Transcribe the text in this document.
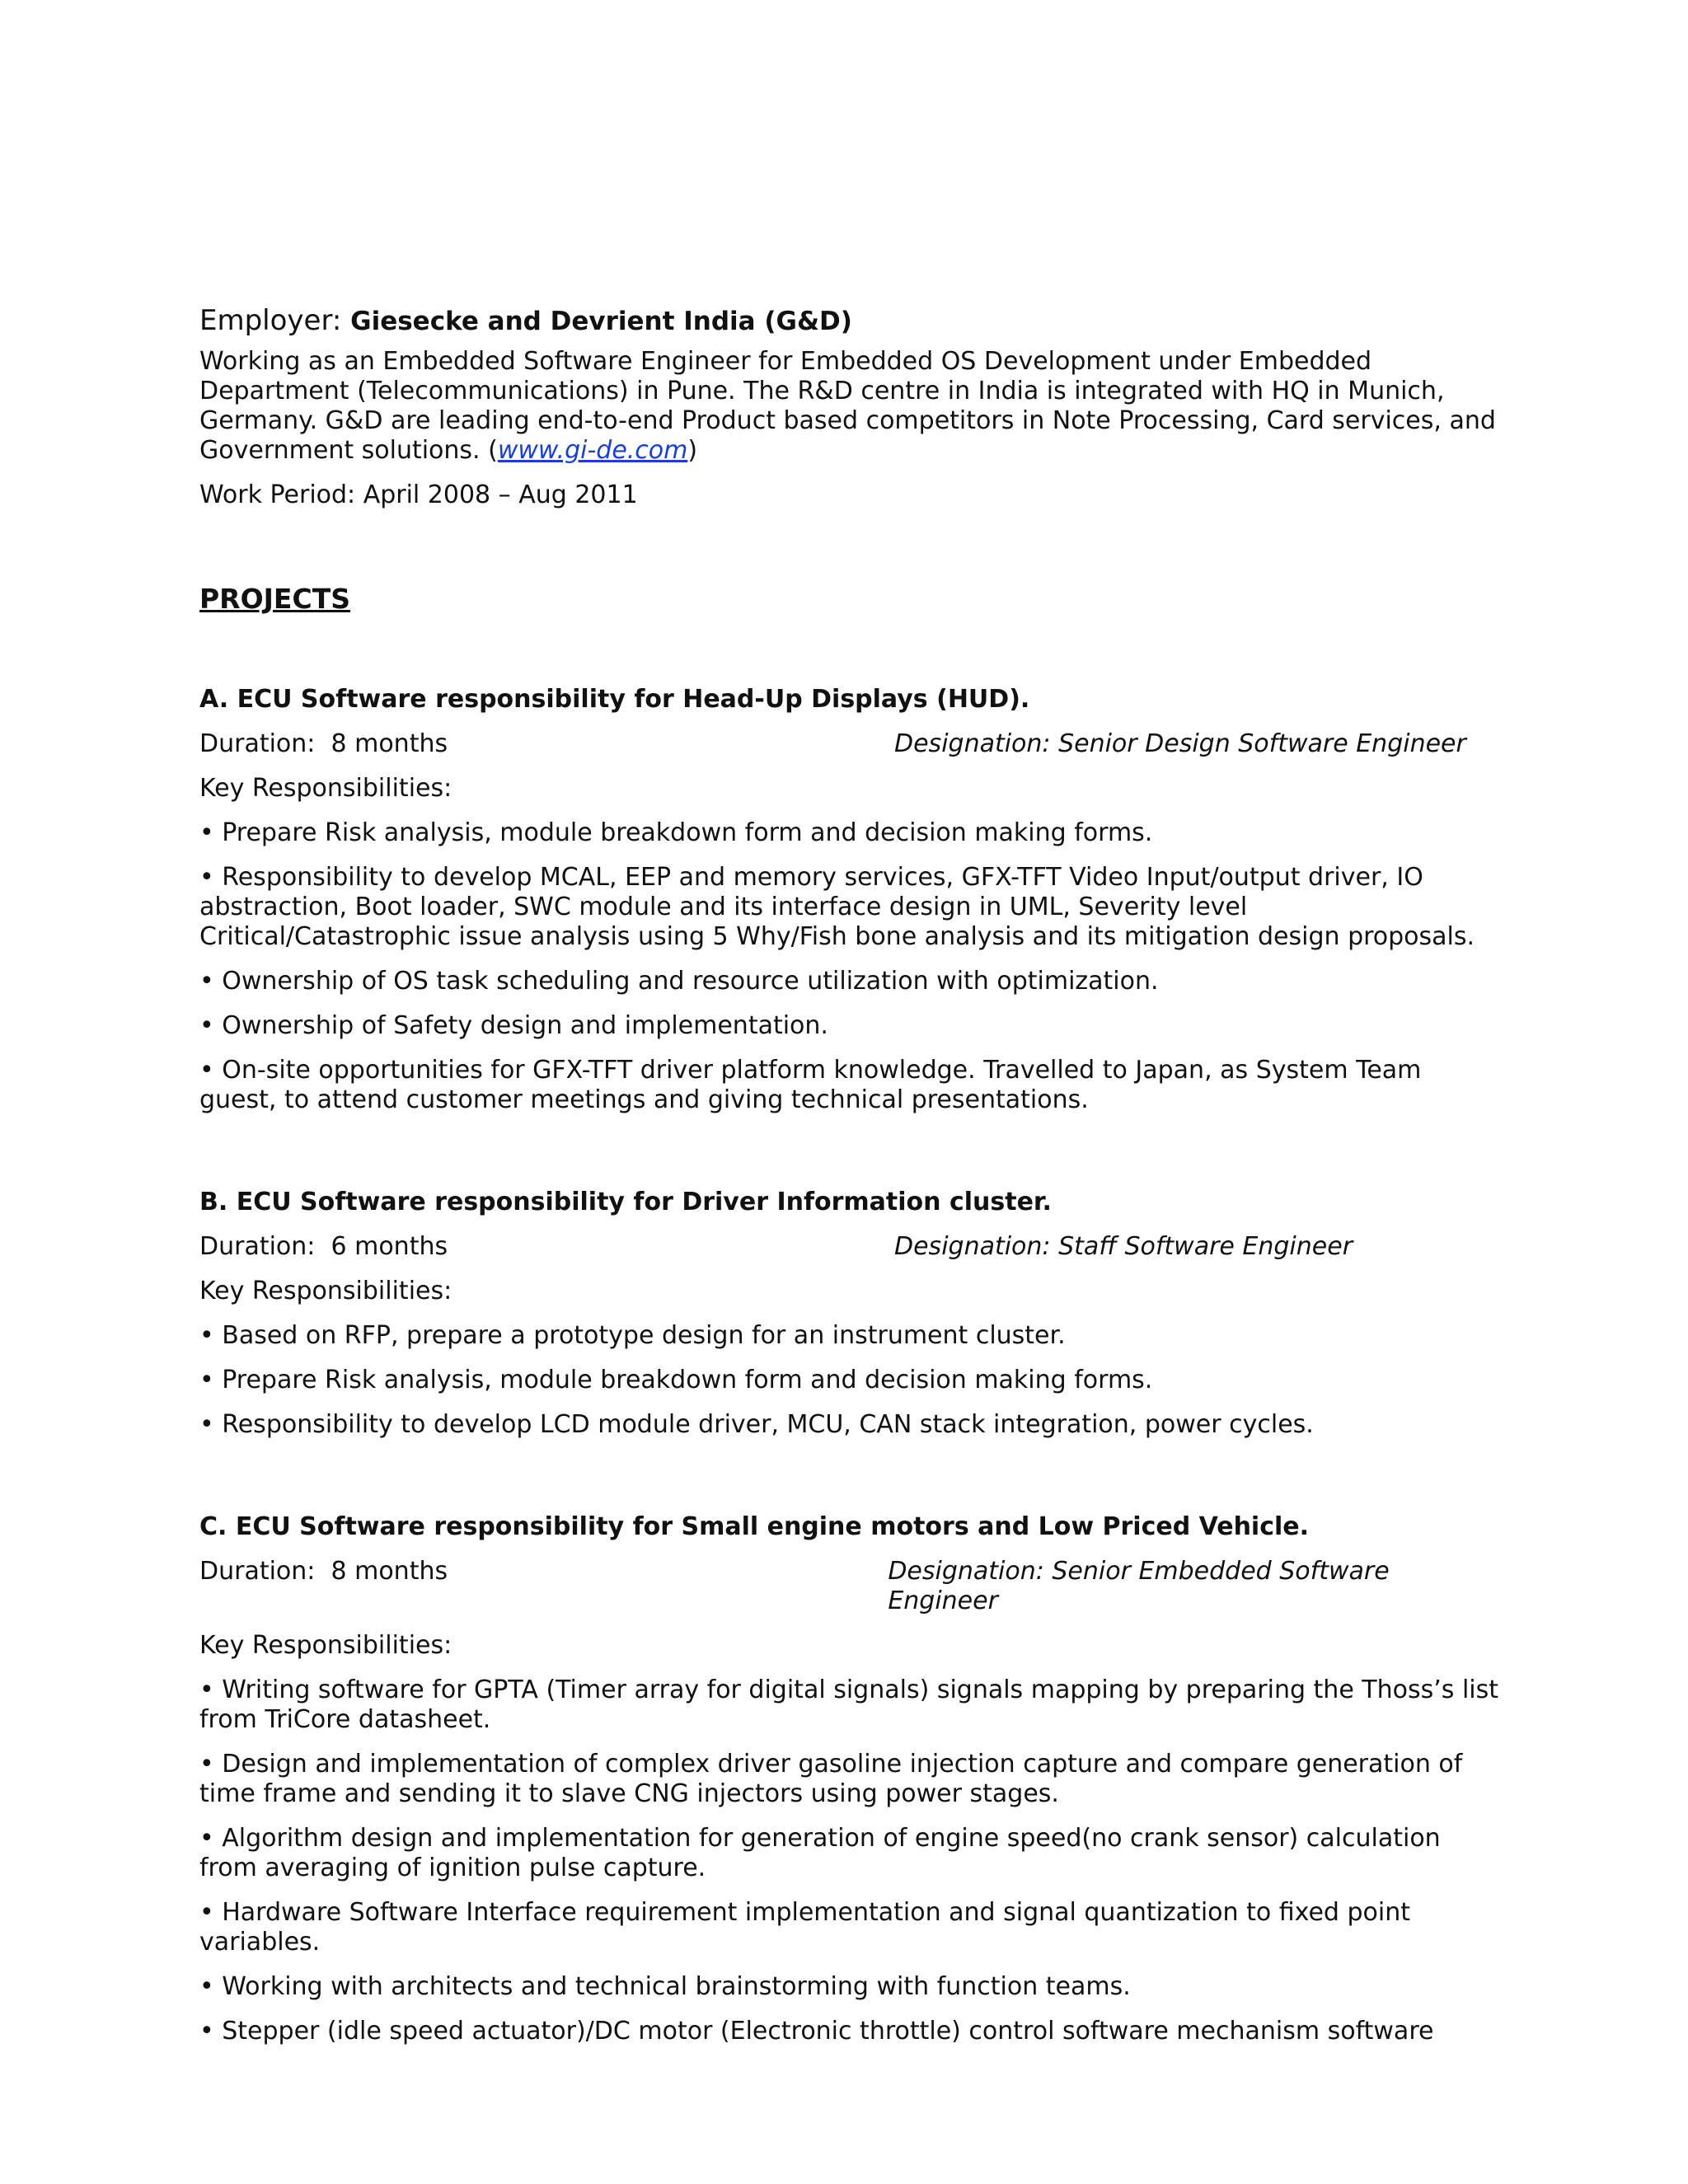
Employer: Giesecke and Devrient India (G&D)
Working as an Embedded Software Engineer for Embedded OS Development under Embedded Department (Telecommunications) in Pune. The R&D centre in India is integrated with HQ in Munich, Germany. G&D are leading end-to-end Product based competitors in Note Processing, Card services, and Government solutions. (www.gi-de.com)
Work Period: April 2008 – Aug 2011
PROJECTS
A. ECU Software responsibility for Head-Up Displays (HUD).
Duration:  8 months	Designation: Senior Design Software Engineer
Key Responsibilities:
• Prepare Risk analysis, module breakdown form and decision making forms.
• Responsibility to develop MCAL, EEP and memory services, GFX-TFT Video Input/output driver, IO abstraction, Boot loader, SWC module and its interface design in UML, Severity level Critical/Catastrophic issue analysis using 5 Why/Fish bone analysis and its mitigation design proposals.
• Ownership of OS task scheduling and resource utilization with optimization.
• Ownership of Safety design and implementation.
• On-site opportunities for GFX-TFT driver platform knowledge. Travelled to Japan, as System Team guest, to attend customer meetings and giving technical presentations.
B. ECU Software responsibility for Driver Information cluster.
Duration:  6 months	Designation: Staff Software Engineer
Key Responsibilities:
• Based on RFP, prepare a prototype design for an instrument cluster.
• Prepare Risk analysis, module breakdown form and decision making forms.
• Responsibility to develop LCD module driver, MCU, CAN stack integration, power cycles.
C. ECU Software responsibility for Small engine motors and Low Priced Vehicle.
Duration:  8 months	Designation: Senior Embedded Software Engineer
Key Responsibilities:
• Writing software for GPTA (Timer array for digital signals) signals mapping by preparing the Thoss’s list from TriCore datasheet.
• Design and implementation of complex driver gasoline injection capture and compare generation of time frame and sending it to slave CNG injectors using power stages.
• Algorithm design and implementation for generation of engine speed(no crank sensor) calculation from averaging of ignition pulse capture.
• Hardware Software Interface requirement implementation and signal quantization to fixed point variables.
• Working with architects and technical brainstorming with function teams.
• Stepper (idle speed actuator)/DC motor (Electronic throttle) control software mechanism software
